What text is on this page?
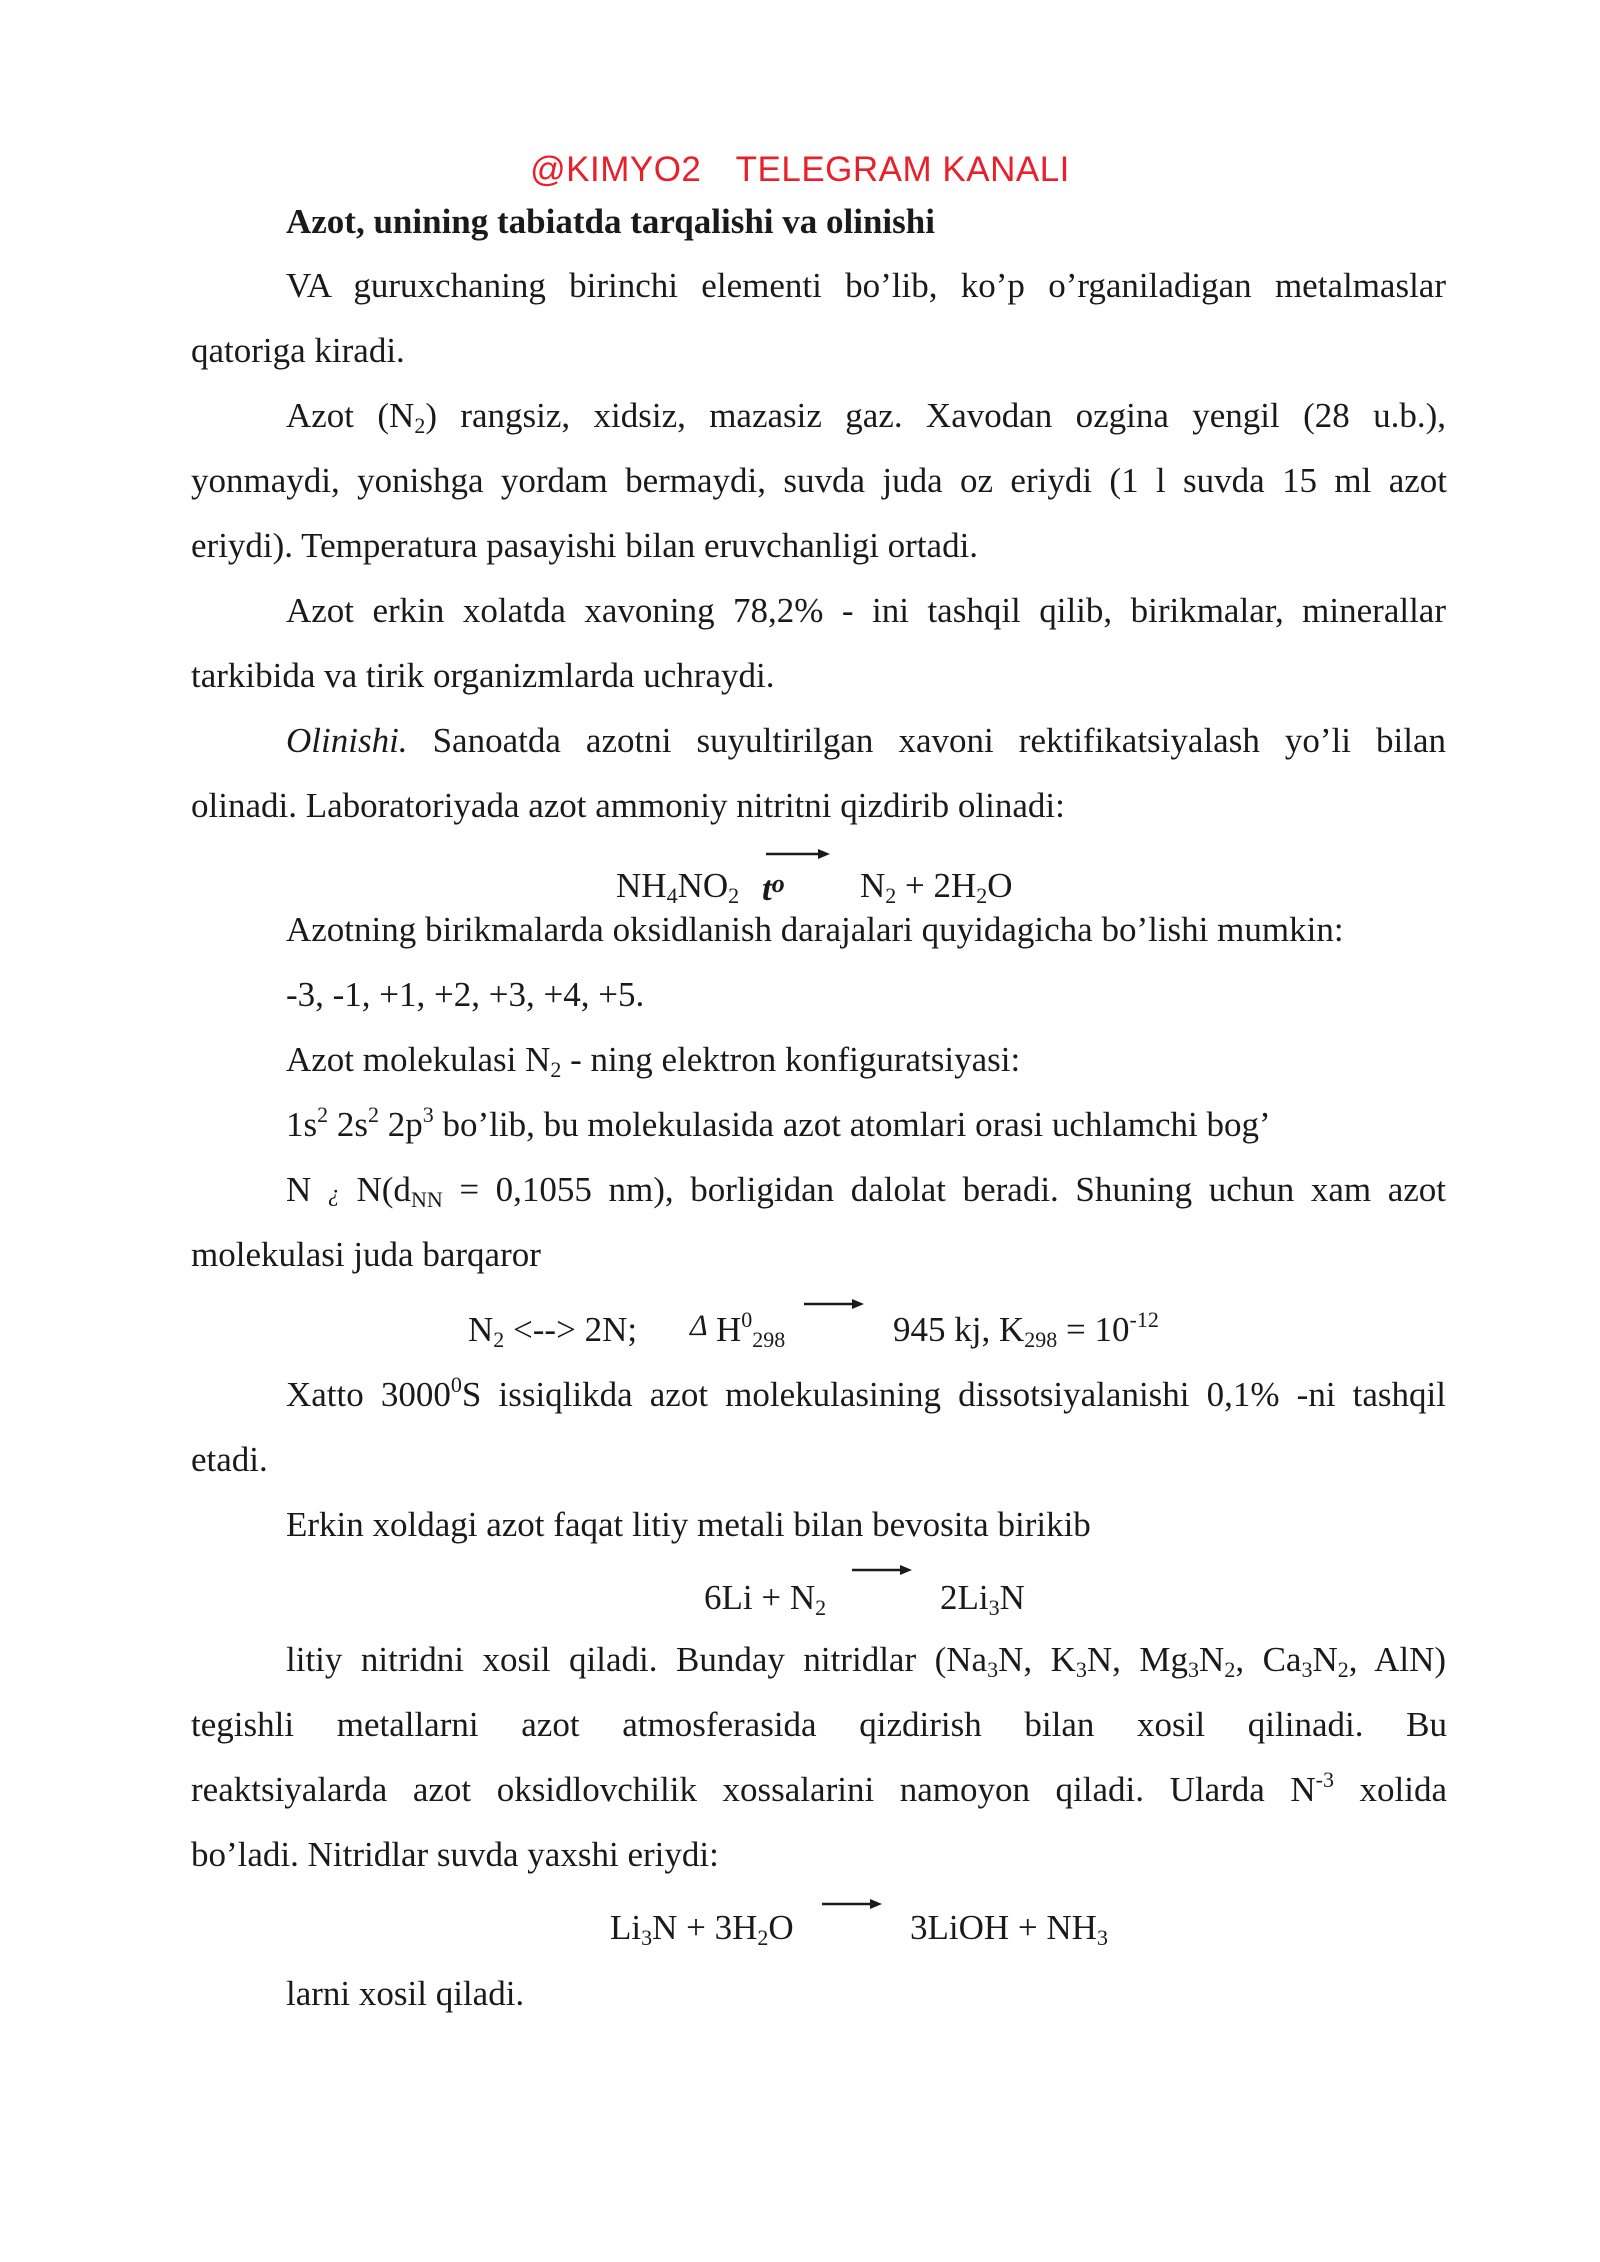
@KIMYO2 TELEGRAM KANALI
Azot, unining tabiatda tarqalishi va olinishi
VA guruxchaning birinchi elementi bo’lib, ko’p o’rganiladigan metalmaslar
qatoriga kiradi.
Azot $(N_2)$ rangsiz, xidsiz, mazasiz gaz. Xavodan ozgina yengil (28 u.b.),
yonmaydi, yonishga yordam bermaydi, suvda juda oz eriydi (1 l suvda 15 ml azot
eriydi). Temperatura pasayishi bilan eruvchanligi ortadi.
Azot erkin xolatda xavoning 78,2% - ini tashqil qilib, birikmalar, minerallar
tarkibida va tirik organizmlarda uchraydi.
Olinishi. Sanoatda azotni suyultirilgan xavoni rektifikatsiyalash yo’li bilan
olinadi. Laboratoriyada azot ammoniy nitritni qizdirib olinadi:
$NH_4NO_2$ $t^o$ $N_2 + 2H_2O$
Azotning birikmalarda oksidlanish darajalari quyidagicha bo’lishi mumkin:
-3, -1, +1, +2, +3, +4, +5.
Azot molekulasi $N_2$ - ning elektron konfiguratsiyasi:
$1s^2$ $2s^2$ $2p^3$ bo’lib, bu molekulasida azot atomlari orasi uchlamchi bog’
N ¿ $N(d_{NN} = 0,1055$ nm), borligidan dalolat beradi. Shuning uchun xam azot
molekulasi juda barqaror
$N_2$ <--> 2N; Δ $H^0_{298}$	945 kj, $K_{298} = 10^{-12}$
Xatto 3000$^0$S issiqlikda azot molekulasining dissotsiyalanishi 0,1% -ni tashqil
etadi.
Erkin xoldagi azot faqat litiy metali bilan bevosita birikib
$6Li + N_2$	$2Li_3N$
litiy nitridni xosil qiladi. Bunday nitridlar ($Na_3N$, $K_3N$, $Mg_3N_2$, $Ca_3N_2$, AlN)
tegishli metallarni azot atmosferasida qizdirish bilan xosil qilinadi. Bu
reaktsiyalarda azot oksidlovchilik xossalarini namoyon qiladi. Ularda $N^{-3}$ xolida
bo’ladi. Nitridlar suvda yaxshi eriydi:
$Li_3N + 3H_2O$	3LiOH + $NH_3$
larni xosil qiladi.
